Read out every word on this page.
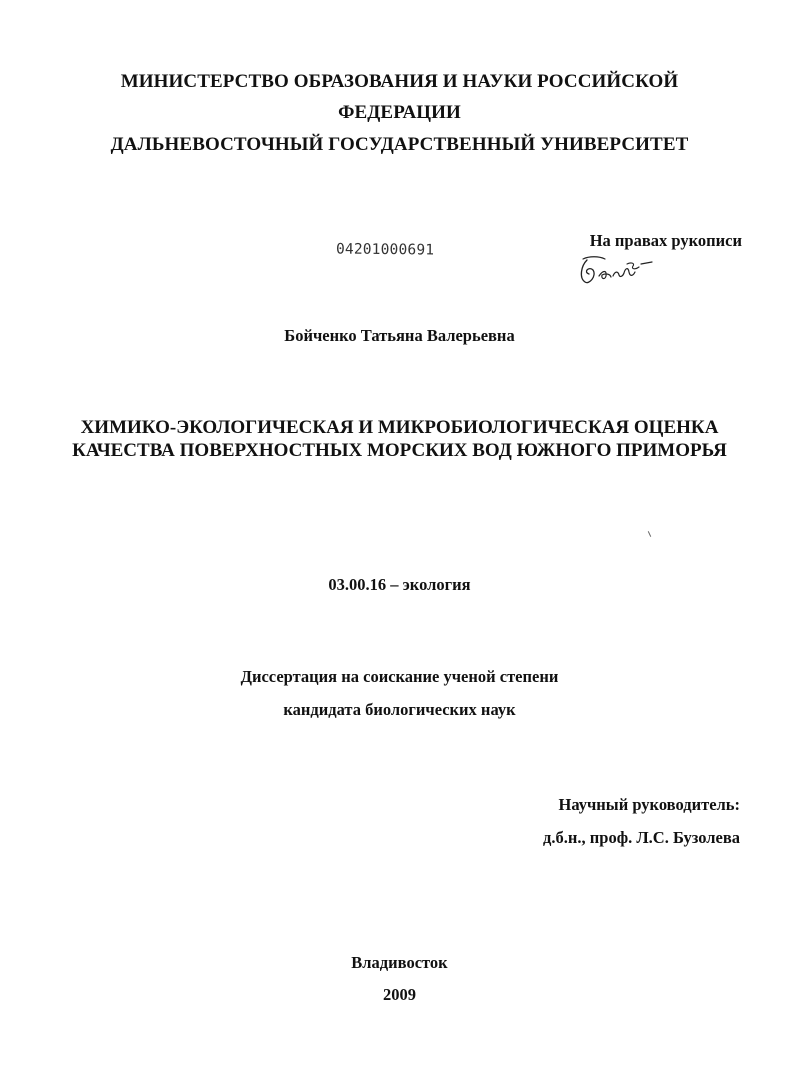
МИНИСТЕРСТВО ОБРАЗОВАНИЯ И НАУКИ РОССИЙСКОЙ
ФЕДЕРАЦИИ
ДАЛЬНЕВОСТОЧНЫЙ ГОСУДАРСТВЕННЫЙ УНИВЕРСИТЕТ
04201000691
На правах рукописи
Бойченко Татьяна Валерьевна
ХИМИКО-ЭКОЛОГИЧЕСКАЯ И МИКРОБИОЛОГИЧЕСКАЯ ОЦЕНКА
КАЧЕСТВА ПОВЕРХНОСТНЫХ МОРСКИХ ВОД ЮЖНОГО ПРИМОРЬЯ
03.00.16 – экология
Диссертация на соискание ученой степени
кандидата биологических наук
Научный руководитель:
д.б.н., проф. Л.С. Бузолева
Владивосток
2009
